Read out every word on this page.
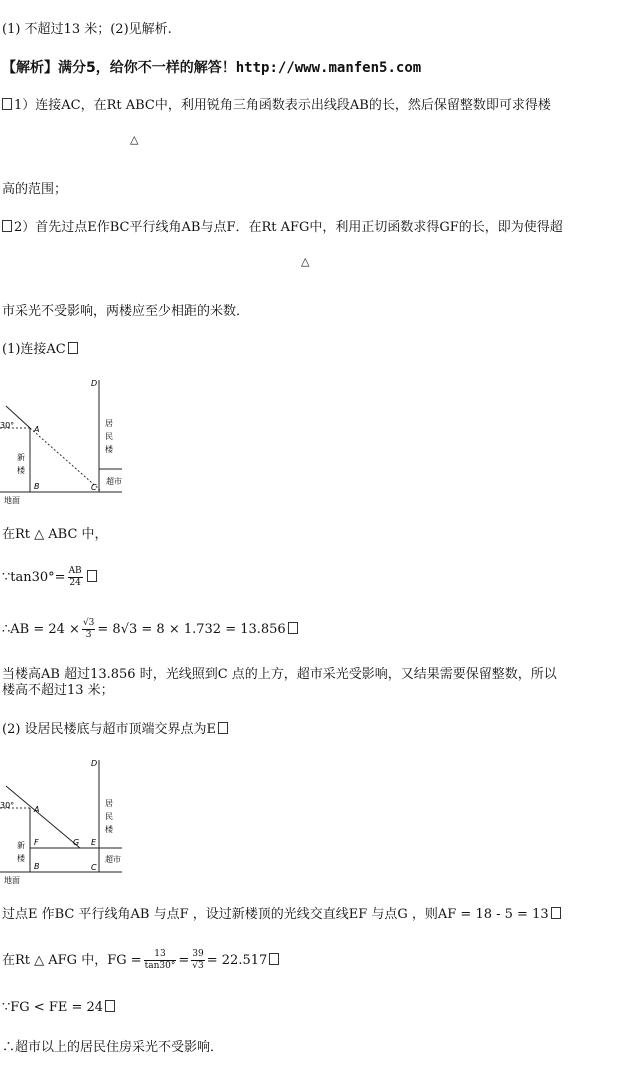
(1) 不超过13 米；(2)见解析.
【解析】满分5，给你不一样的解答！http://www.manfen5.com
1）连接AC，在Rt ABC中，利用锐角三角函数表示出线段AB的长，然后保留整数即可求得楼
△
高的范围；
2）首先过点E作BC平行线角AB与点F．在Rt AFG中，利用正切函数求得GF的长，即为使得超
△
市采光不受影响，两楼应至少相距的米数．
(1)连接AC
30° A
B	C
D
新
楼
居
民
楼
超市
地面
在Rt △ ABC 中，
∵tan30°= $\frac{AB}{24}$
∴AB = $24 \times \frac{√3}{3} = 8√3 = 8 \times 1.732 = 13.856$
当楼高AB 超过13.856 时，光线照到C 点的上方，超市采光受影响，又结果需要保留整数，所以
楼高不超过13 米；
(2) 设居民楼底与超市顶端交界点为E
30° A
F	G E
B	C
D
新
楼
居
民
楼
超市
地面
过点E 作BC 平行线角AB 与点F ，设过新楼顶的光线交直线EF 与点G ，则AF = 18 - 5 = 13
在Rt △ AFG 中，FG = $\frac{13}{\tan 30^\circ} = \frac{39}{√3} = 22.517$
∵FG < FE = 24
∴超市以上的居民住房采光不受影响．
